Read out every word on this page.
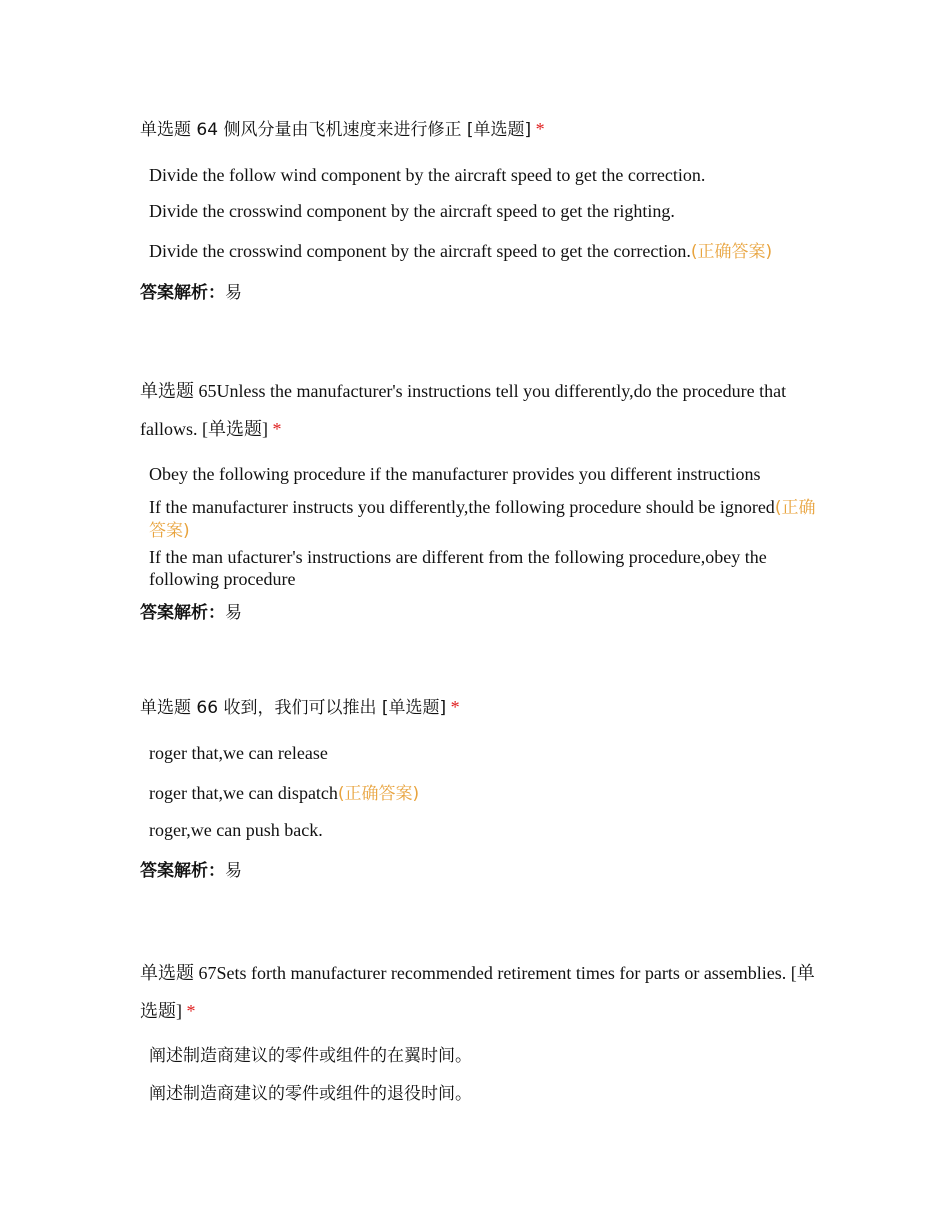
单选题 64 侧风分量由飞机速度来进行修正 [单选题] *

Divide the follow wind component by the aircraft speed to get the correction.
Divide the crosswind component by the aircraft speed to get the righting.
Divide the crosswind component by the aircraft speed to get the correction.(正确答案)
答案解析：易

单选题 65Unless the manufacturer's instructions tell you differently,do the procedure that fallows. [单选题] *

Obey the following procedure if the manufacturer provides you different instructions
If the manufacturer instructs you differently,the following procedure should be ignored(正确答案)
If the man ufacturer's instructions are different from the following procedure,obey the following procedure
答案解析：易

单选题 66 收到，我们可以推出 [单选题] *

roger that,we can release
roger that,we can dispatch(正确答案)
roger,we can push back.
答案解析：易

单选题 67Sets forth manufacturer recommended retirement times for parts or assemblies. [单选题] *

阐述制造商建议的零件或组件的在翼时间。
阐述制造商建议的零件或组件的退役时间。
